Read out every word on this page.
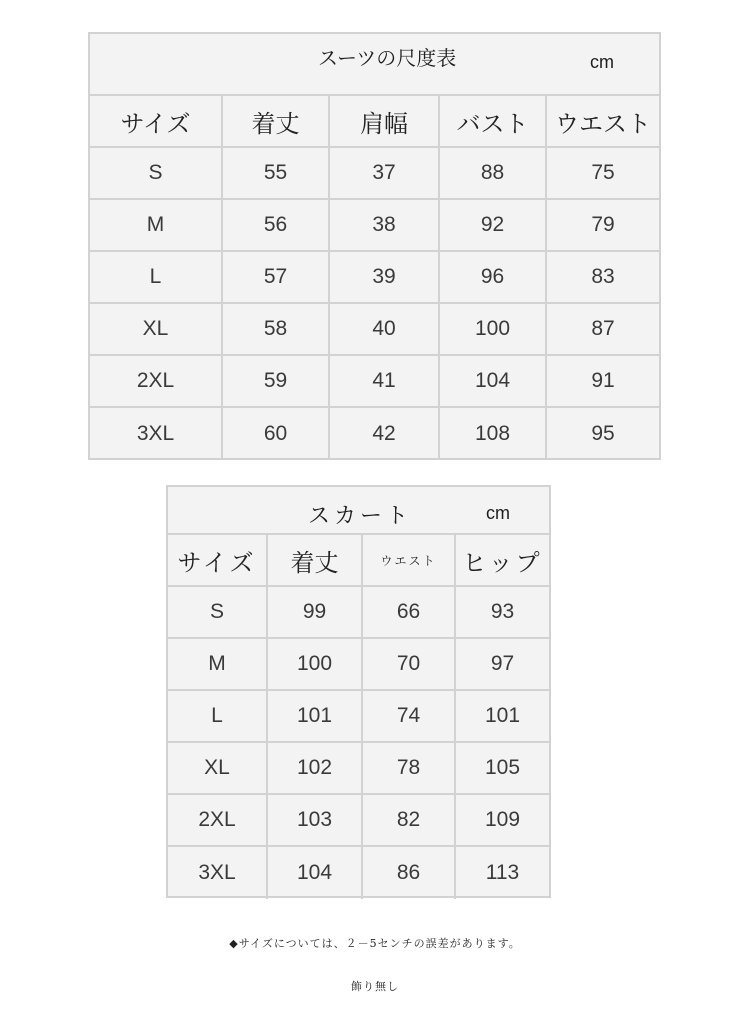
スーツの尺度表	cm
サイズ	着丈	肩幅	バスト	ウエスト
S	55	37	88	75
M	56	38	92	79
L	57	39	96	83
XL	58	40	100	87
2XL	59	41	104	91
3XL	60	42	108	95
スカート	cm
サイズ	着丈	ウエスト	ヒップ
S	99	66	93
M	100	70	97
L	101	74	101
XL	102	78	105
2XL	103	82	109
3XL	104	86	113
◆サイズについては、２－5センチの誤差があります。
飾り無し
